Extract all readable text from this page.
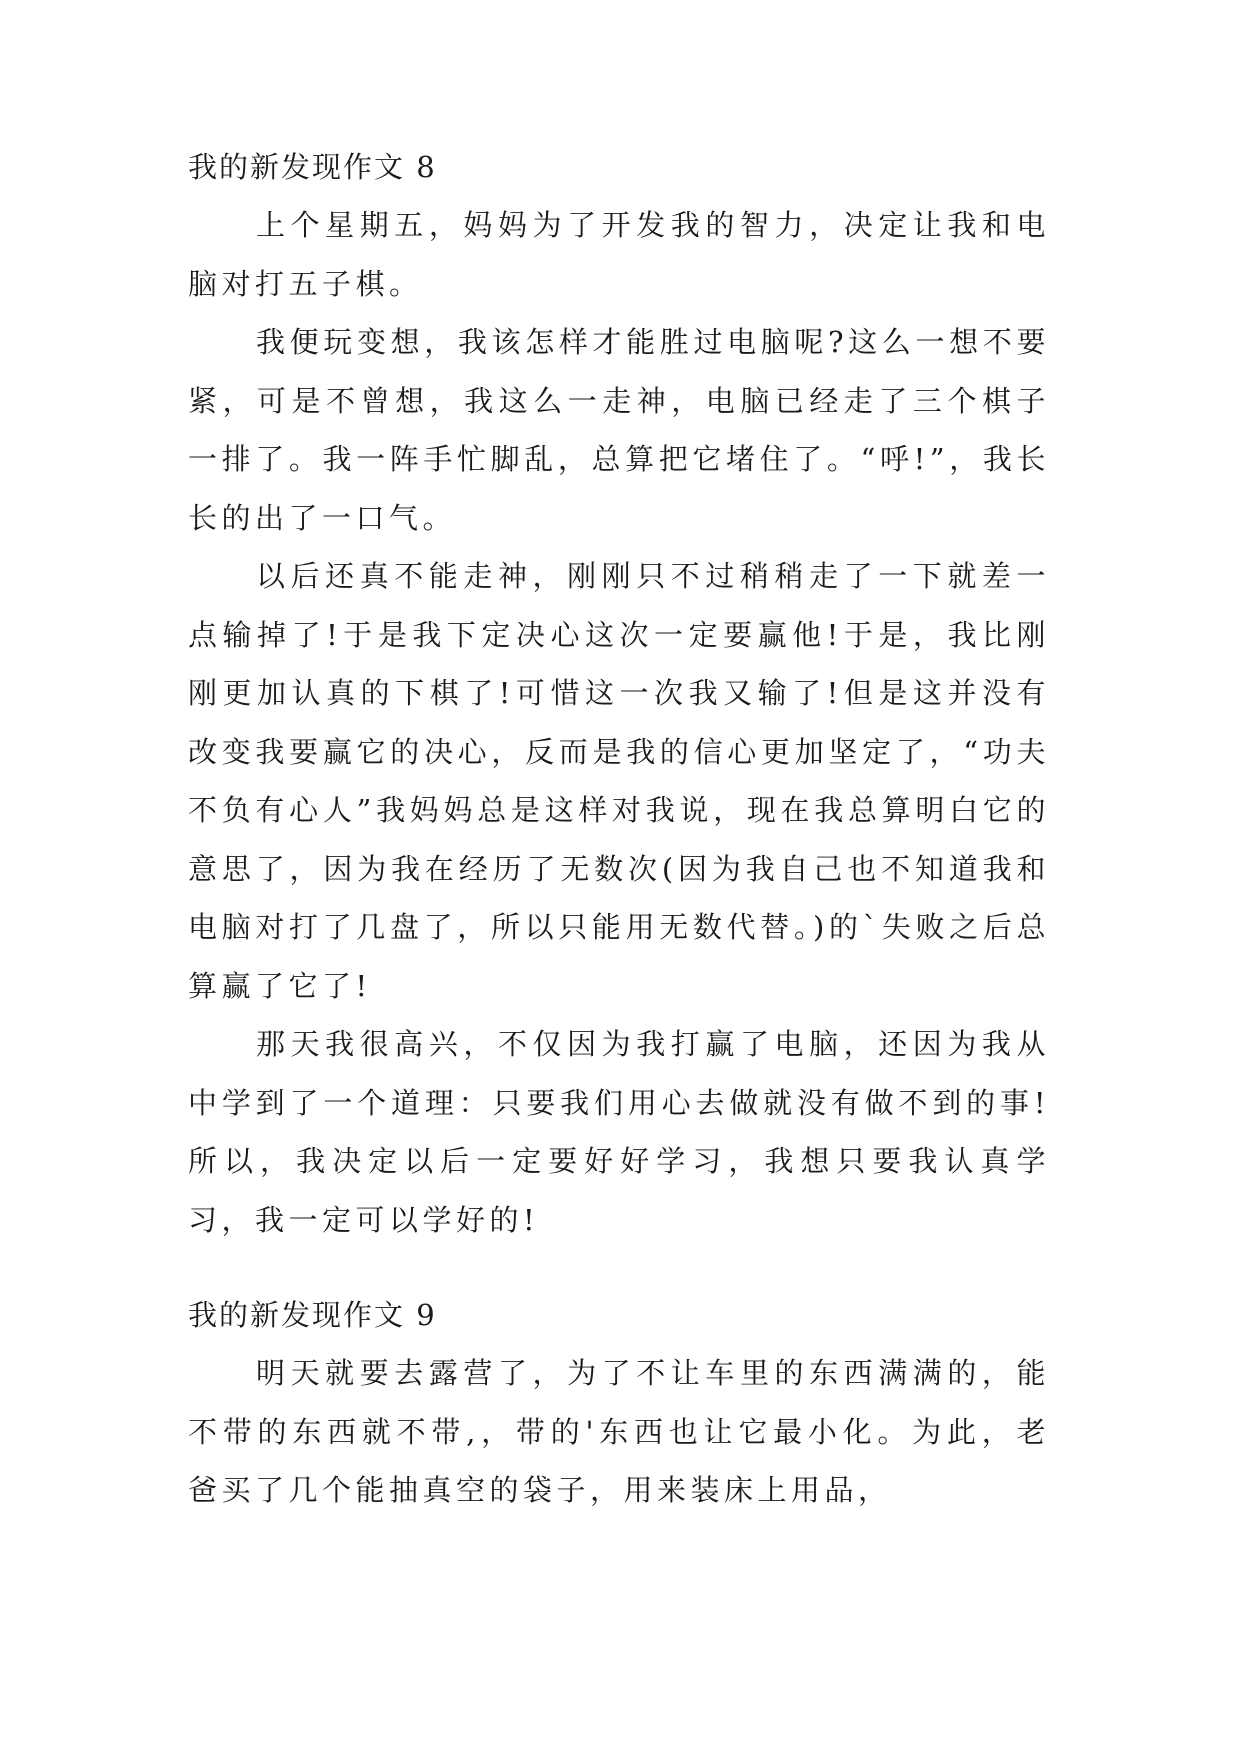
我的新发现作文 8

上个星期五，妈妈为了开发我的智力，决定让我和电脑对打五子棋。

我便玩变想，我该怎样才能胜过电脑呢?这么一想不要紧，可是不曾想，我这么一走神，电脑已经走了三个棋子一排了。我一阵手忙脚乱，总算把它堵住了。“呼!”，我长长的出了一口气。

以后还真不能走神，刚刚只不过稍稍走了一下就差一点输掉了!于是我下定决心这次一定要赢他!于是，我比刚刚更加认真的下棋了!可惜这一次我又输了!但是这并没有改变我要赢它的决心，反而是我的信心更加坚定了，“功夫不负有心人”我妈妈总是这样对我说，现在我总算明白它的意思了，因为我在经历了无数次(因为我自己也不知道我和电脑对打了几盘了，所以只能用无数代替。)的`失败之后总算赢了它了!

那天我很高兴，不仅因为我打赢了电脑，还因为我从中学到了一个道理：只要我们用心去做就没有做不到的事!所以，我决定以后一定要好好学习，我想只要我认真学习，我一定可以学好的!

我的新发现作文 9

明天就要去露营了，为了不让车里的东西满满的，能不带的东西就不带,，带的'东西也让它最小化。为此，老爸买了几个能抽真空的袋子，用来装床上用品，
